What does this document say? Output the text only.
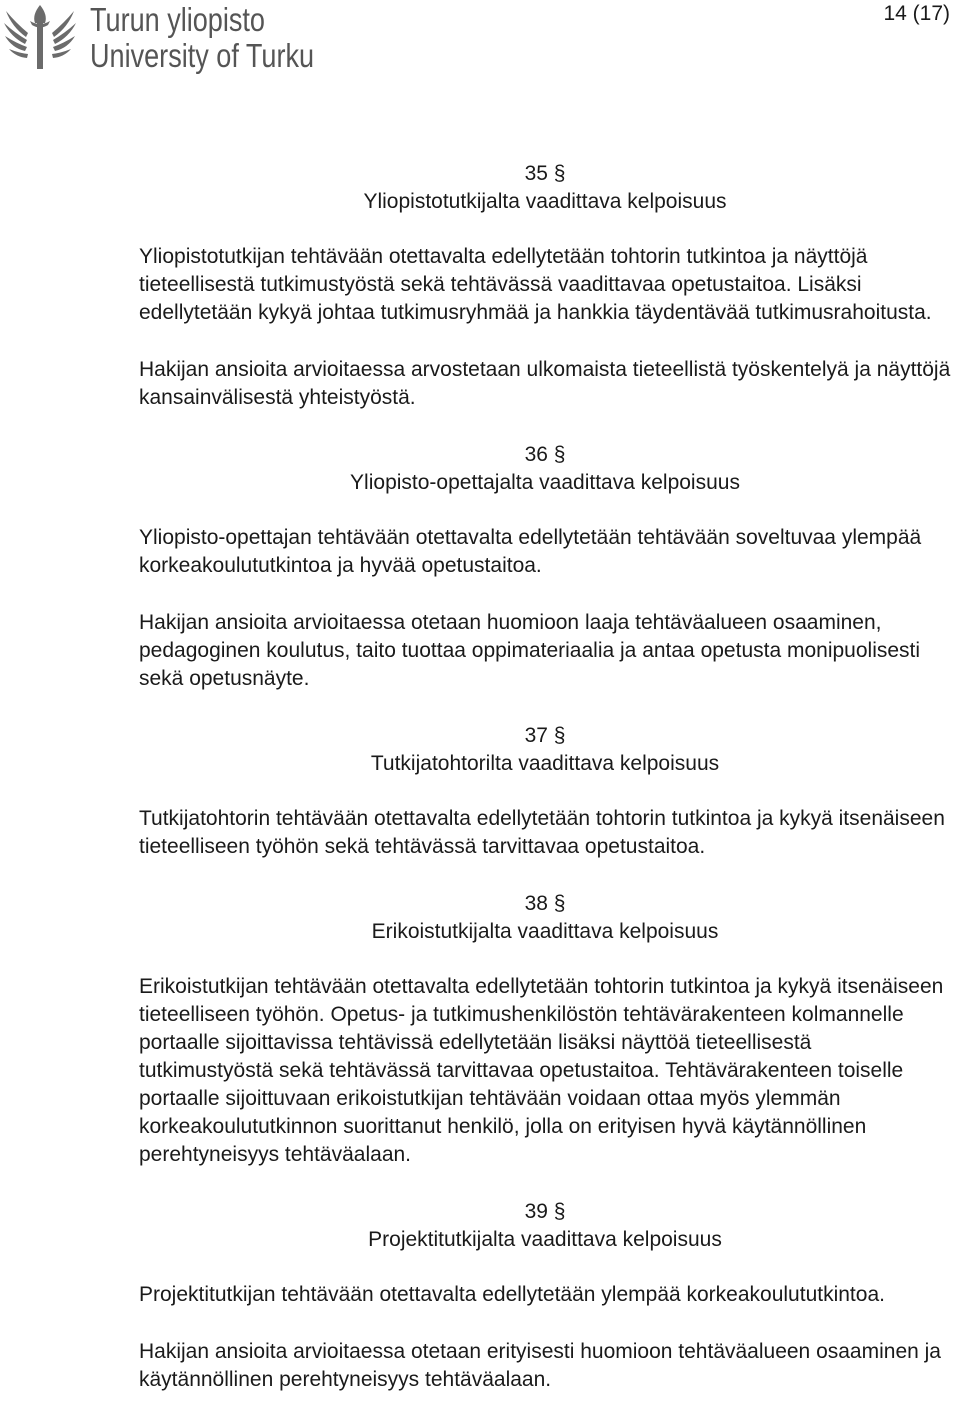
Turun yliopisto
University of Turku
14 (17)

35 §

Yliopistotutkijalta vaadittava kelpoisuus

Yliopistotutkijan tehtävään otettavalta edellytetään tohtorin tutkintoa ja näyttöjä tieteellisestä tutkimustyöstä sekä tehtävässä vaadittavaa opetustaitoa. Lisäksi edellytetään kykyä johtaa tutkimusryhmää ja hankkia täydentävää tutkimusrahoitusta.

Hakijan ansioita arvioitaessa arvostetaan ulkomaista tieteellistä työskentelyä ja näyttöjä kansainvälisestä yhteistyöstä.

36 §

Yliopisto-opettajalta vaadittava kelpoisuus

Yliopisto-opettajan tehtävään otettavalta edellytetään tehtävään soveltuvaa ylempää korkeakoulututkintoa ja hyvää opetustaitoa.

Hakijan ansioita arvioitaessa otetaan huomioon laaja tehtäväalueen osaaminen, pedagoginen koulutus, taito tuottaa oppimateriaalia ja antaa opetusta monipuolisesti sekä opetusnäyte.

37 §

Tutkijatohtorilta vaadittava kelpoisuus

Tutkijatohtorin tehtävään otettavalta edellytetään tohtorin tutkintoa ja kykyä itsenäiseen tieteelliseen työhön sekä tehtävässä tarvittavaa opetustaitoa.

38 §

Erikoistutkijalta vaadittava kelpoisuus

Erikoistutkijan tehtävään otettavalta edellytetään tohtorin tutkintoa ja kykyä itsenäiseen tieteelliseen työhön. Opetus- ja tutkimushenkilöstön tehtävärakenteen kolmannelle portaalle sijoittavissa tehtävissä edellytetään lisäksi näyttöä tieteellisestä tutkimustyöstä sekä tehtävässä tarvittavaa opetustaitoa. Tehtävärakenteen toiselle portaalle sijoittuvaan erikoistutkijan tehtävään voidaan ottaa myös ylemmän korkeakoulututkinnon suorittanut henkilö, jolla on erityisen hyvä käytännöllinen perehtyneisyys tehtäväalaan.

39 §

Projektitutkijalta vaadittava kelpoisuus

Projektitutkijan tehtävään otettavalta edellytetään ylempää korkeakoulututkintoa.

Hakijan ansioita arvioitaessa otetaan erityisesti huomioon tehtäväalueen osaaminen ja käytännöllinen perehtyneisyys tehtäväalaan.
